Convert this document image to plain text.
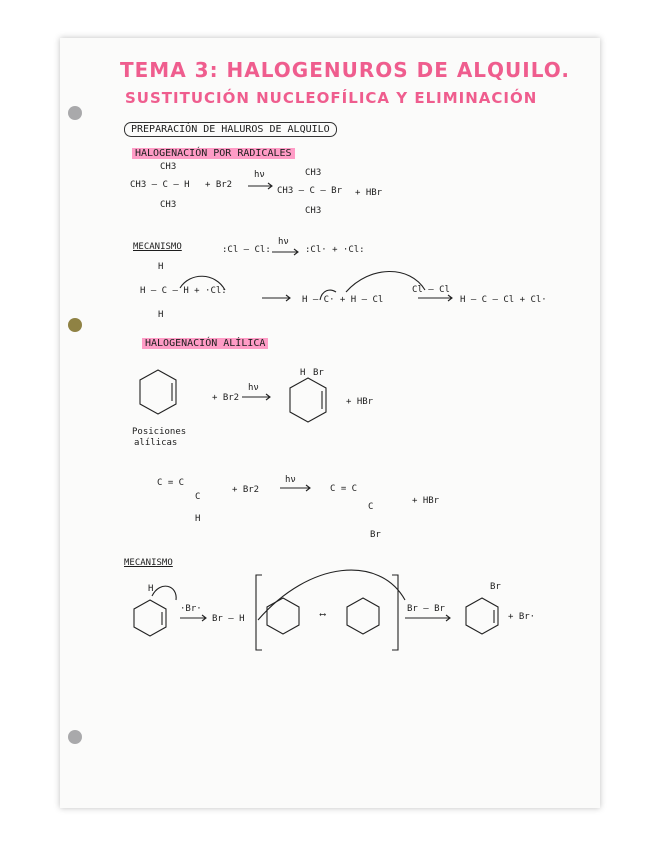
TEMA 3: HALOGENUROS DE ALQUILO.
SUSTITUCIÓN NUCLEOFÍLICA Y ELIMINACIÓN
PREPARACIÓN DE HALUROS DE ALQUILO
HALOGENACIÓN POR RADICALES
CH3
CH3 — C — H
CH3
+ Br2
hν	CH3
CH3 — C — Br
CH3
+ HBr
MECANISMO	:Cl — Cl:
hν
:Cl· + ·Cl:
H
H — C — H + ·Cl:
H
H — C· + H — Cl
Cl — Cl
H — C — Cl + Cl·
HALOGENACIÓN ALÍLICA
+ Br2
hν
H Br
+ HBr
Posiciones
alílicas
C = C
C
H
+ Br2
hν
C = C
C
Br
+ HBr
MECANISMO
H
·Br·
Br – H	⟷
Br — Br
Br
+ Br·
